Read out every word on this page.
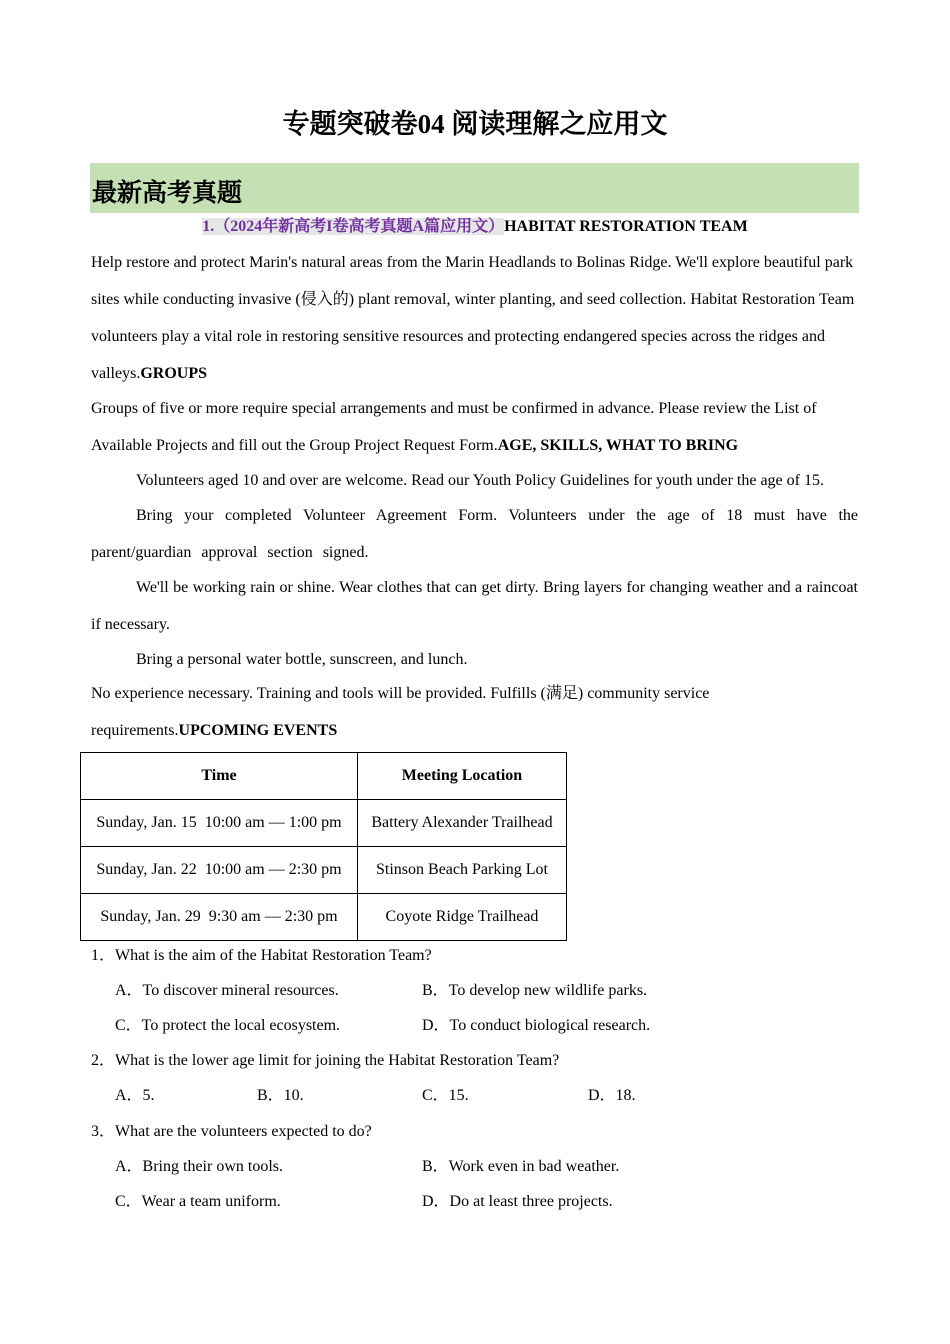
专题突破卷04 阅读理解之应用文
最新高考真题
1.（2024年新高考I卷高考真题A篇应用文）HABITAT RESTORATION TEAM
Help restore and protect Marin's natural areas from the Marin Headlands to Bolinas Ridge. We'll explore beautiful park sites while conducting invasive (侵入的) plant removal, winter planting, and seed collection. Habitat Restoration Team volunteers play a vital role in restoring sensitive resources and protecting endangered species across the ridges and valleys.GROUPS
Groups of five or more require special arrangements and must be confirmed in advance. Please review the List of Available Projects and fill out the Group Project Request Form.AGE, SKILLS, WHAT TO BRING
Volunteers aged 10 and over are welcome. Read our Youth Policy Guidelines for youth under the age of 15.
Bring your completed Volunteer Agreement Form. Volunteers under the age of 18 must have the parent/guardian approval section signed.
We'll be working rain or shine. Wear clothes that can get dirty. Bring layers for changing weather and a raincoat if necessary.
Bring a personal water bottle, sunscreen, and lunch.
No experience necessary. Training and tools will be provided. Fulfills (满足) community service requirements.UPCOMING EVENTS
Time	Meeting Location
Sunday, Jan. 15  10:00 am — 1:00 pm	Battery Alexander Trailhead
Sunday, Jan. 22  10:00 am — 2:30 pm	Stinson Beach Parking Lot
Sunday, Jan. 29  9:30 am — 2:30 pm	Coyote Ridge Trailhead
1．What is the aim of the Habitat Restoration Team?
A．To discover mineral resources.	B．To develop new wildlife parks.
C．To protect the local ecosystem.	D．To conduct biological research.
2．What is the lower age limit for joining the Habitat Restoration Team?
A．5.	B．10.	C．15.	D．18.
3．What are the volunteers expected to do?
A．Bring their own tools.	B．Work even in bad weather.
C．Wear a team uniform.	D．Do at least three projects.
